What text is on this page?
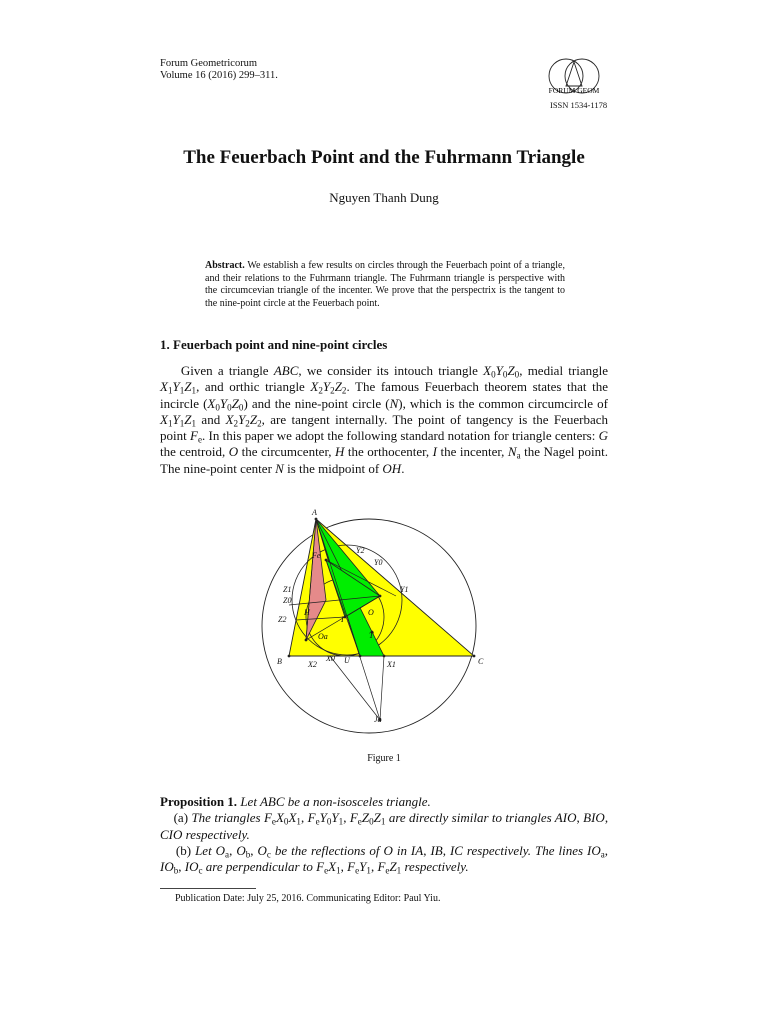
Forum Geometricorum
Volume 16 (2016) 299–311.
FORUM GEOM
ISSN 1534-1178
The Feuerbach Point and the Fuhrmann Triangle
Nguyen Thanh Dung
Abstract. We establish a few results on circles through the Feuerbach point of a triangle, and their relations to the Fuhrmann triangle. The Fuhrmann triangle is perspective with the circumcevian triangle of the incenter. We prove that the perspectrix is the tangent to the nine-point circle at the Feuerbach point.
1. Feuerbach point and nine-point circles
Given a triangle ABC, we consider its intouch triangle $X_0Y_0Z_0$, medial triangle $X_1Y_1Z_1$, and orthic triangle $X_2Y_2Z_2$. The famous Feuerbach theorem states that the incircle $(X_0Y_0Z_0)$ and the nine-point circle (N), which is the common circumcircle of $X_1Y_1Z_1$ and $X_2Y_2Z_2$, are tangent internally. The point of tangency is the Feuerbach point $F_e$. In this paper we adopt the following standard notation for triangle centers: G the centroid, O the circumcenter, H the orthocenter, I the incenter, $N_a$ the Nagel point. The nine-point center N is the midpoint of OH.
A
B	C
Fe
Y2
Y0
Y1
Z1
Z0
Z2
H
I
O
Oa	T
X2
X0 U	X1
Ja
Figure 1
Proposition 1. Let ABC be a non-isosceles triangle.
(a) The triangles $F_eX_0X_1$, $F_eY_0Y_1$, $F_eZ_0Z_1$ are directly similar to triangles AIO, BIO, CIO respectively.
(b) Let $O_a$, $O_b$, $O_c$ be the reflections of O in IA, IB, IC respectively. The lines $IO_a$, $IO_b$, $IO_c$ are perpendicular to $F_eX_1$, $F_eY_1$, $F_eZ_1$ respectively.
Publication Date: July 25, 2016. Communicating Editor: Paul Yiu.
